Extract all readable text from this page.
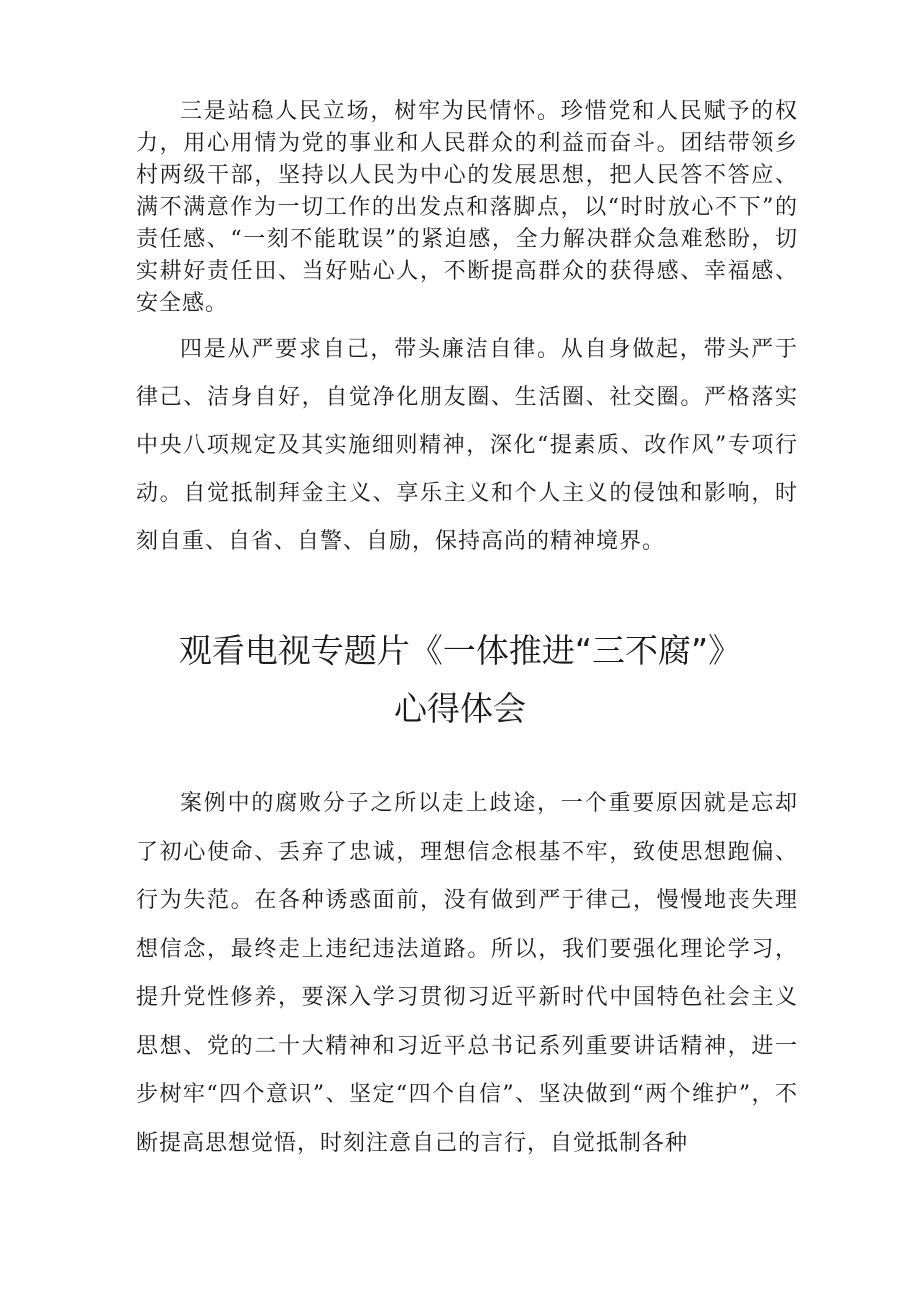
三是站稳人民立场，树牢为民情怀。珍惜党和人民赋予的权力，用心用情为党的事业和人民群众的利益而奋斗。团结带领乡村两级干部，坚持以人民为中心的发展思想，把人民答不答应、满不满意作为一切工作的出发点和落脚点，以“时时放心不下”的责任感、“一刻不能耽误”的紧迫感，全力解决群众急难愁盼，切实耕好责任田、当好贴心人，不断提高群众的获得感、幸福感、安全感。

四是从严要求自己，带头廉洁自律。从自身做起，带头严于律己、洁身自好，自觉净化朋友圈、生活圈、社交圈。严格落实中央八项规定及其实施细则精神，深化“提素质、改作风”专项行动。自觉抵制拜金主义、享乐主义和个人主义的侵蚀和影响，时刻自重、自省、自警、自励，保持高尚的精神境界。

观看电视专题片《一体推进“三不腐”》
心得体会

案例中的腐败分子之所以走上歧途，一个重要原因就是忘却了初心使命、丢弃了忠诚，理想信念根基不牢，致使思想跑偏、行为失范。在各种诱惑面前，没有做到严于律己，慢慢地丧失理想信念，最终走上违纪违法道路。所以，我们要强化理论学习，提升党性修养，要深入学习贯彻习近平新时代中国特色社会主义思想、党的二十大精神和习近平总书记系列重要讲话精神，进一步树牢“四个意识”、坚定“四个自信”、坚决做到“两个维护”，不断提高思想觉悟，时刻注意自己的言行，自觉抵制各种
